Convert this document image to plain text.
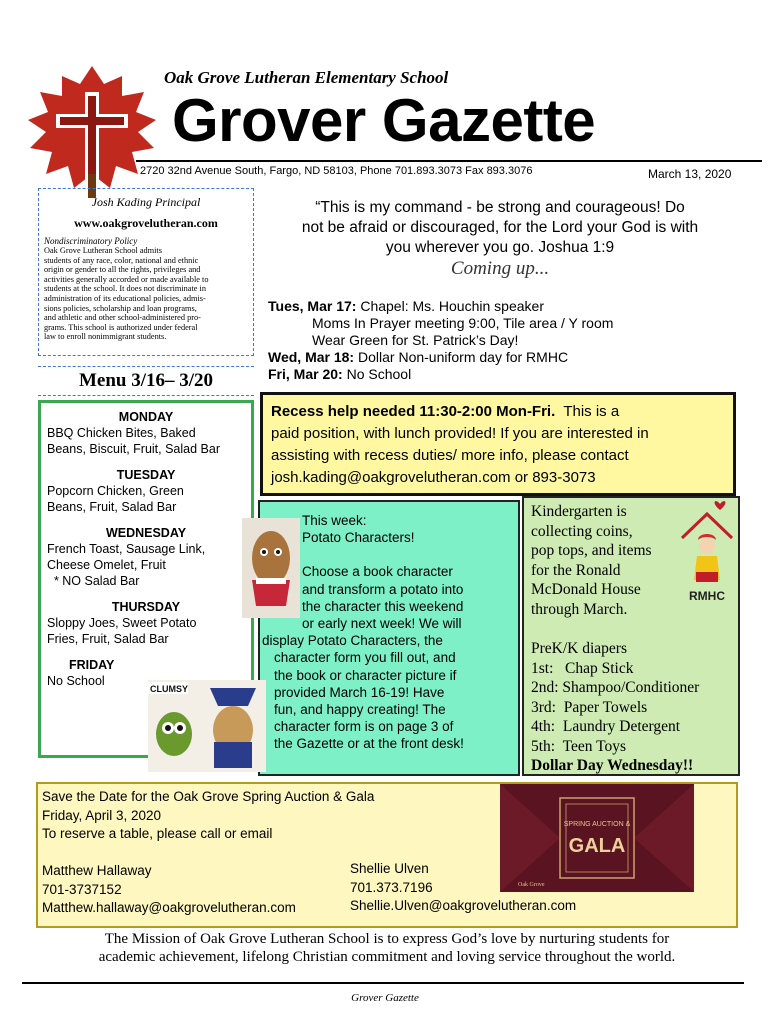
Oak Grove Lutheran Elementary School
Grover Gazette
2720 32nd Avenue South, Fargo, ND 58103, Phone 701.893.3073 Fax 893.3076	March 13, 2020
Josh Kading Principal
www.oakgrovelutheran.com
Nondiscriminatory Policy
Oak Grove Lutheran School admits
students of any race, color, national and ethnic
origin or gender to all the rights, privileges and
activities generally accorded or made available to
students at the school. It does not discriminate in
administration of its educational policies, admis-
sions policies, scholarship and loan programs,
and athletic and other school-administered pro-
grams. This school is authorized under federal
law to enroll nonimmigrant students.
“This is my command - be strong and courageous! Do
not be afraid or discouraged, for the Lord your God is with
you wherever you go. Joshua 1:9
Coming up...
Tues, Mar 17: Chapel: Ms. Houchin speaker
Moms In Prayer meeting 9:00, Tile area / Y room
Wear Green for St. Patrick’s Day!
Wed, Mar 18: Dollar Non-uniform day for RMHC
Fri, Mar 20: No School
Menu 3/16– 3/20
MONDAY
BBQ Chicken Bites, Baked
Beans, Biscuit, Fruit, Salad Bar
TUESDAY
Popcorn Chicken, Green
Beans, Fruit, Salad Bar
WEDNESDAY
French Toast, Sausage Link,
Cheese Omelet, Fruit
* NO Salad Bar
THURSDAY
Sloppy Joes, Sweet Potato
Fries, Fruit, Salad Bar
FRIDAY
No School
Recess help needed 11:30-2:00 Mon-Fri.  This is a
paid position, with lunch provided! If you are interested in
assisting with recess duties/ more info, please contact
josh.kading@oakgrovelutheran.com or 893-3073
CLUMSY
This week:
Potato Characters!
Choose a book character
and transform a potato into
the character this weekend
or early next week! We will
display Potato Characters, the
character form you fill out, and
the book or character picture if
provided March 16-19! Have
fun, and happy creating! The
character form is on page 3 of
the Gazette or at the front desk!
Kindergarten is
collecting coins,
pop tops, and items
for the Ronald
McDonald House
through March.
PreK/K diapers
1st:   Chap Stick
2nd: Shampoo/Conditioner
3rd:  Paper Towels
4th:  Laundry Detergent
5th:  Teen Toys
Dollar Day Wednesday!!
RMHC
Save the Date for the Oak Grove Spring Auction & Gala
Friday, April 3, 2020
To reserve a table, please call or email
Matthew Hallaway
701-3737152
Matthew.hallaway@oakgrovelutheran.com
Shellie Ulven
701.373.7196
Shellie.Ulven@oakgrovelutheran.com
SPRING AUCTION &
GALA
Oak Grove
The Mission of Oak Grove Lutheran School is to express God’s love by nurturing students for
academic achievement, lifelong Christian commitment and loving service throughout the world.
Grover Gazette
